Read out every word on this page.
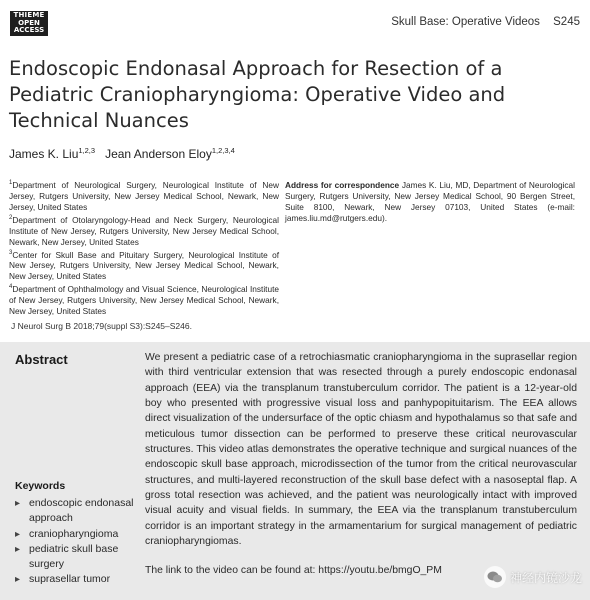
THIEME
OPEN
ACCESS
Skull Base: Operative Videos S245
Endoscopic Endonasal Approach for Resection of a Pediatric Craniopharyngioma: Operative Video and Technical Nuances
James K. Liu$^{1,2,3}$ Jean Anderson Eloy$^{1,2,3,4}$

$^1$Department of Neurological Surgery, Neurological Institute of New Jersey, Rutgers University, New Jersey Medical School, Newark, New Jersey, United States

$^2$Department of Otolaryngology-Head and Neck Surgery, Neurological Institute of New Jersey, Rutgers University, New Jersey Medical School, Newark, New Jersey, United States

$^3$Center for Skull Base and Pituitary Surgery, Neurological Institute of New Jersey, Rutgers University, New Jersey Medical School, Newark, New Jersey, United States

$^4$Department of Ophthalmology and Visual Science, Neurological Institute of New Jersey, Rutgers University, New Jersey Medical School, Newark, New Jersey, United States

Address for correspondence James K. Liu, MD, Department of Neurological Surgery, Rutgers University, New Jersey Medical School, 90 Bergen Street, Suite 8100, Newark, New Jersey 07103, United States (e-mail: james.liu.md@rutgers.edu).
J Neurol Surg B 2018;79(suppl S3):S245–S246.
Abstract	We present a pediatric case of a retrochiasmatic craniopharyngioma in the suprasellar region with third ventricular extension that was resected through a purely endoscopic endonasal approach (EEA) via the transplanum transtuberculum corridor. The patient is a 12-year-old boy who presented with progressive visual loss and panhypopituitarism. The EEA allows direct visualization of the undersurface of the optic chiasm and hypothalamus so that safe and meticulous tumor dissection can be performed to preserve these critical neurovascular structures. This video atlas demonstrates the operative technique and surgical nuances of the endoscopic skull base approach, microdissection of the tumor from the critical neurovascular structures, and multi-layered reconstruction of the skull base defect with a nasoseptal flap. A gross total resection was achieved, and the patient was neurologically intact with improved visual acuity and visual fields. In summary, the EEA via the transplanum transtuberculum corridor is an important strategy in the armamentarium for surgical management of pediatric craniopharyngiomas.

The link to the video can be found at: https://youtu.be/bmgO_PM
Keywords
▸ endoscopic endonasal approach
▸ craniopharyngioma
▸ pediatric skull base surgery
▸ suprasellar tumor	神经内镜沙龙
